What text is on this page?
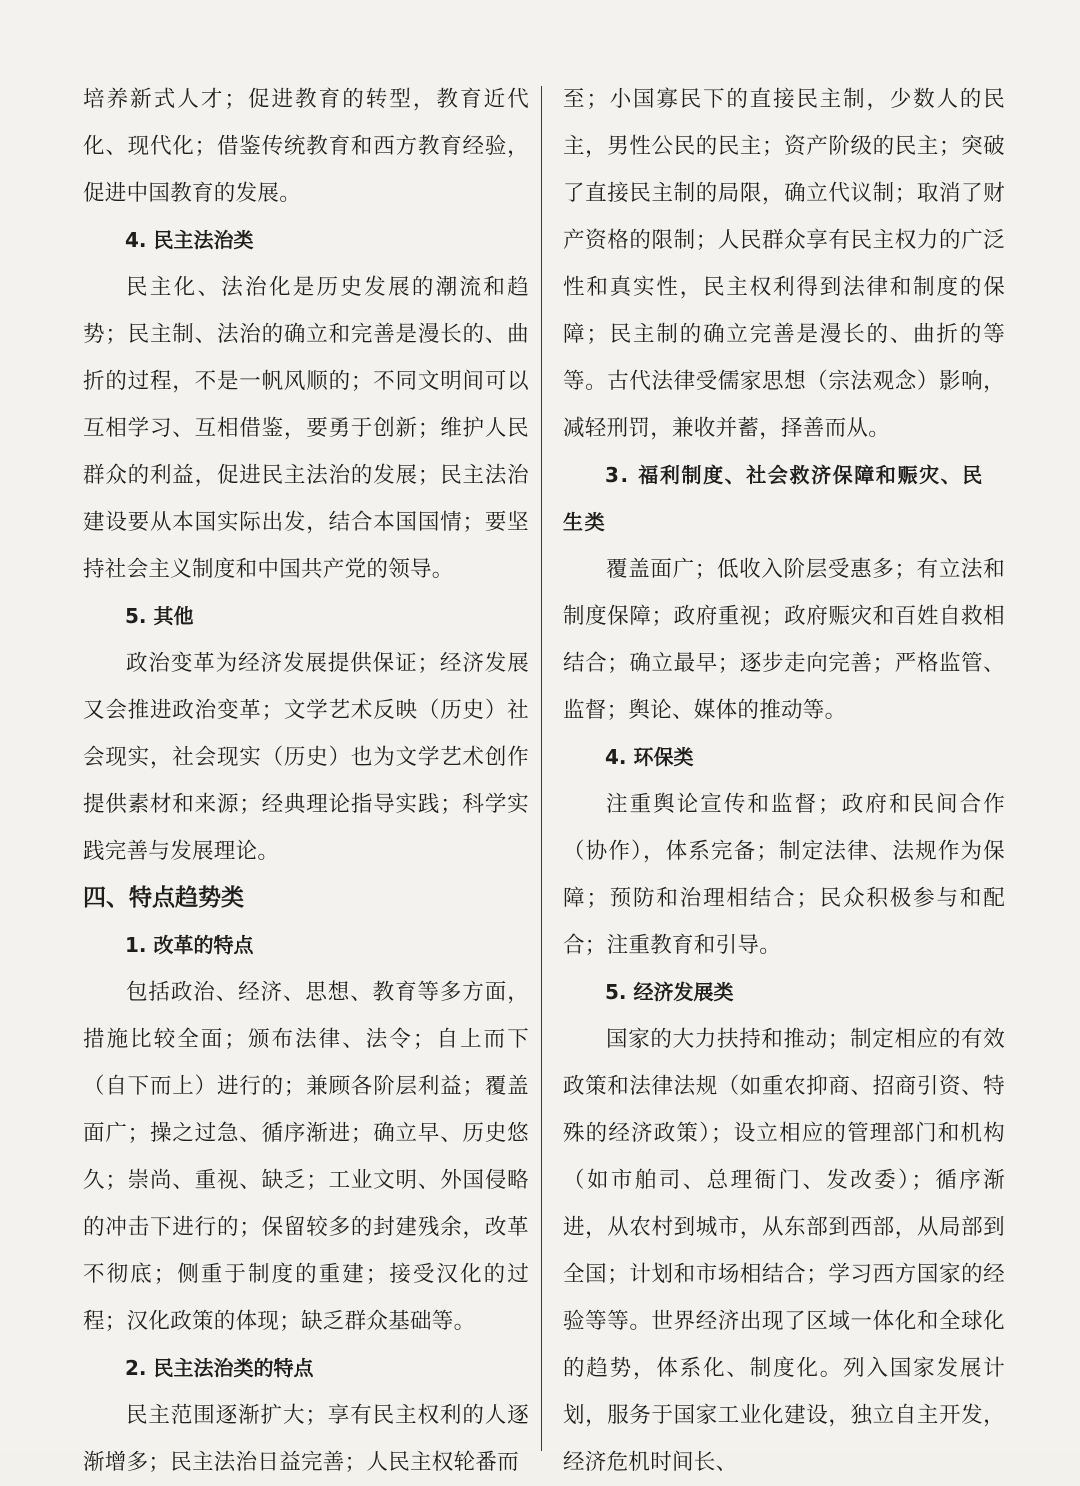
培养新式人才；促进教育的转型，教育近代化、现代化；借鉴传统教育和西方教育经验，促进中国教育的发展。

4. 民主法治类

民主化、法治化是历史发展的潮流和趋势；民主制、法治的确立和完善是漫长的、曲折的过程，不是一帆风顺的；不同文明间可以互相学习、互相借鉴，要勇于创新；维护人民群众的利益，促进民主法治的发展；民主法治建设要从本国实际出发，结合本国国情；要坚持社会主义制度和中国共产党的领导。

5. 其他

政治变革为经济发展提供保证；经济发展又会推进政治变革；文学艺术反映（历史）社会现实，社会现实（历史）也为文学艺术创作提供素材和来源；经典理论指导实践；科学实践完善与发展理论。

四、特点趋势类

1. 改革的特点

包括政治、经济、思想、教育等多方面，措施比较全面；颁布法律、法令；自上而下（自下而上）进行的；兼顾各阶层利益；覆盖面广；操之过急、循序渐进；确立早、历史悠久；崇尚、重视、缺乏；工业文明、外国侵略的冲击下进行的；保留较多的封建残余，改革不彻底；侧重于制度的重建；接受汉化的过程；汉化政策的体现；缺乏群众基础等。

2. 民主法治类的特点

民主范围逐渐扩大；享有民主权利的人逐渐增多；民主法治日益完善；人民主权轮番而

至；小国寡民下的直接民主制，少数人的民主，男性公民的民主；资产阶级的民主；突破了直接民主制的局限，确立代议制；取消了财产资格的限制；人民群众享有民主权力的广泛性和真实性，民主权利得到法律和制度的保障；民主制的确立完善是漫长的、曲折的等等。古代法律受儒家思想（宗法观念）影响，减轻刑罚，兼收并蓄，择善而从。

3. 福利制度、社会救济保障和赈灾、民生类

覆盖面广；低收入阶层受惠多；有立法和制度保障；政府重视；政府赈灾和百姓自救相结合；确立最早；逐步走向完善；严格监管、监督；舆论、媒体的推动等。

4. 环保类

注重舆论宣传和监督；政府和民间合作（协作），体系完备；制定法律、法规作为保障；预防和治理相结合；民众积极参与和配合；注重教育和引导。

5. 经济发展类

国家的大力扶持和推动；制定相应的有效政策和法律法规（如重农抑商、招商引资、特殊的经济政策）；设立相应的管理部门和机构（如市舶司、总理衙门、发改委）；循序渐进，从农村到城市，从东部到西部，从局部到全国；计划和市场相结合；学习西方国家的经验等等。世界经济出现了区域一体化和全球化的趋势，体系化、制度化。列入国家发展计划，服务于国家工业化建设，独立自主开发，经济危机时间长、
